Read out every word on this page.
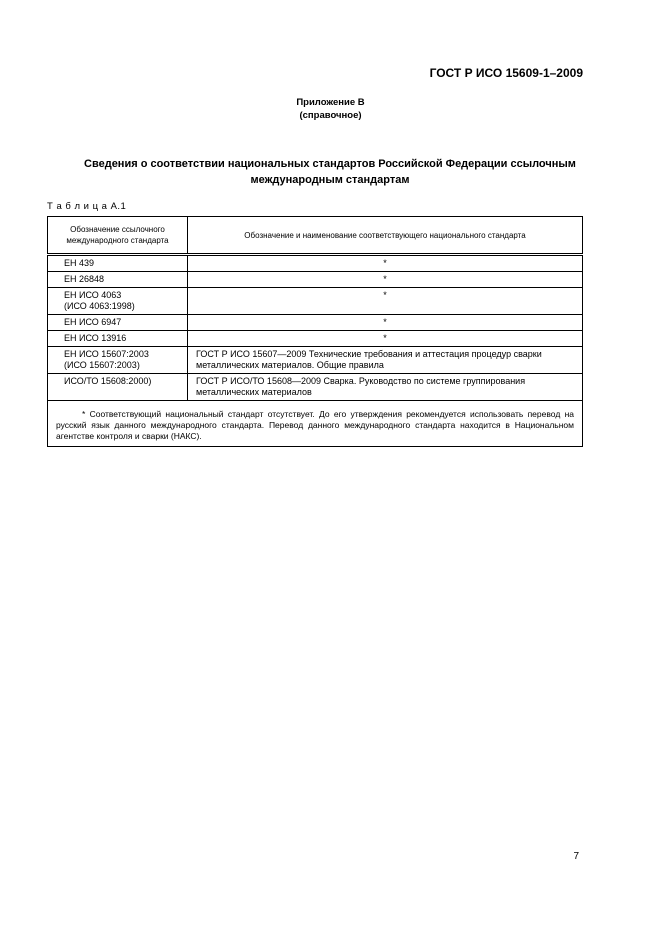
ГОСТ Р ИСО 15609-1–2009
Приложение В
(справочное)
Сведения о соответствии национальных стандартов Российской Федерации ссылочным
международным стандартам
Т а б л и ц а А.1
Обозначение ссылочного международного стандарта	Обозначение и наименование соответствующего национального стандарта

ЕН 439	*
ЕН 26848	*

ЕН ИСО 4063
(ИСО 4063:1998)	*
ЕН ИСО 6947	*
ЕН ИСО 13916	*

ЕН ИСО 15607:2003
(ИСО 15607:2003)	ГОСТ Р ИСО 15607—2009 Технические требования и аттестация процедур сварки металлических материалов. Общие правила
ИСО/ТО 15608:2000)	ГОСТ Р ИСО/ТО 15608—2009 Сварка. Руководство по системе группирования металлических материалов

* Соответствующий национальный стандарт отсутствует. До его утверждения рекомендуется использовать перевод на русский язык данного международного стандарта. Перевод данного международного стандарта находится в Национальном агентстве контроля и сварки (НАКС).	
7
